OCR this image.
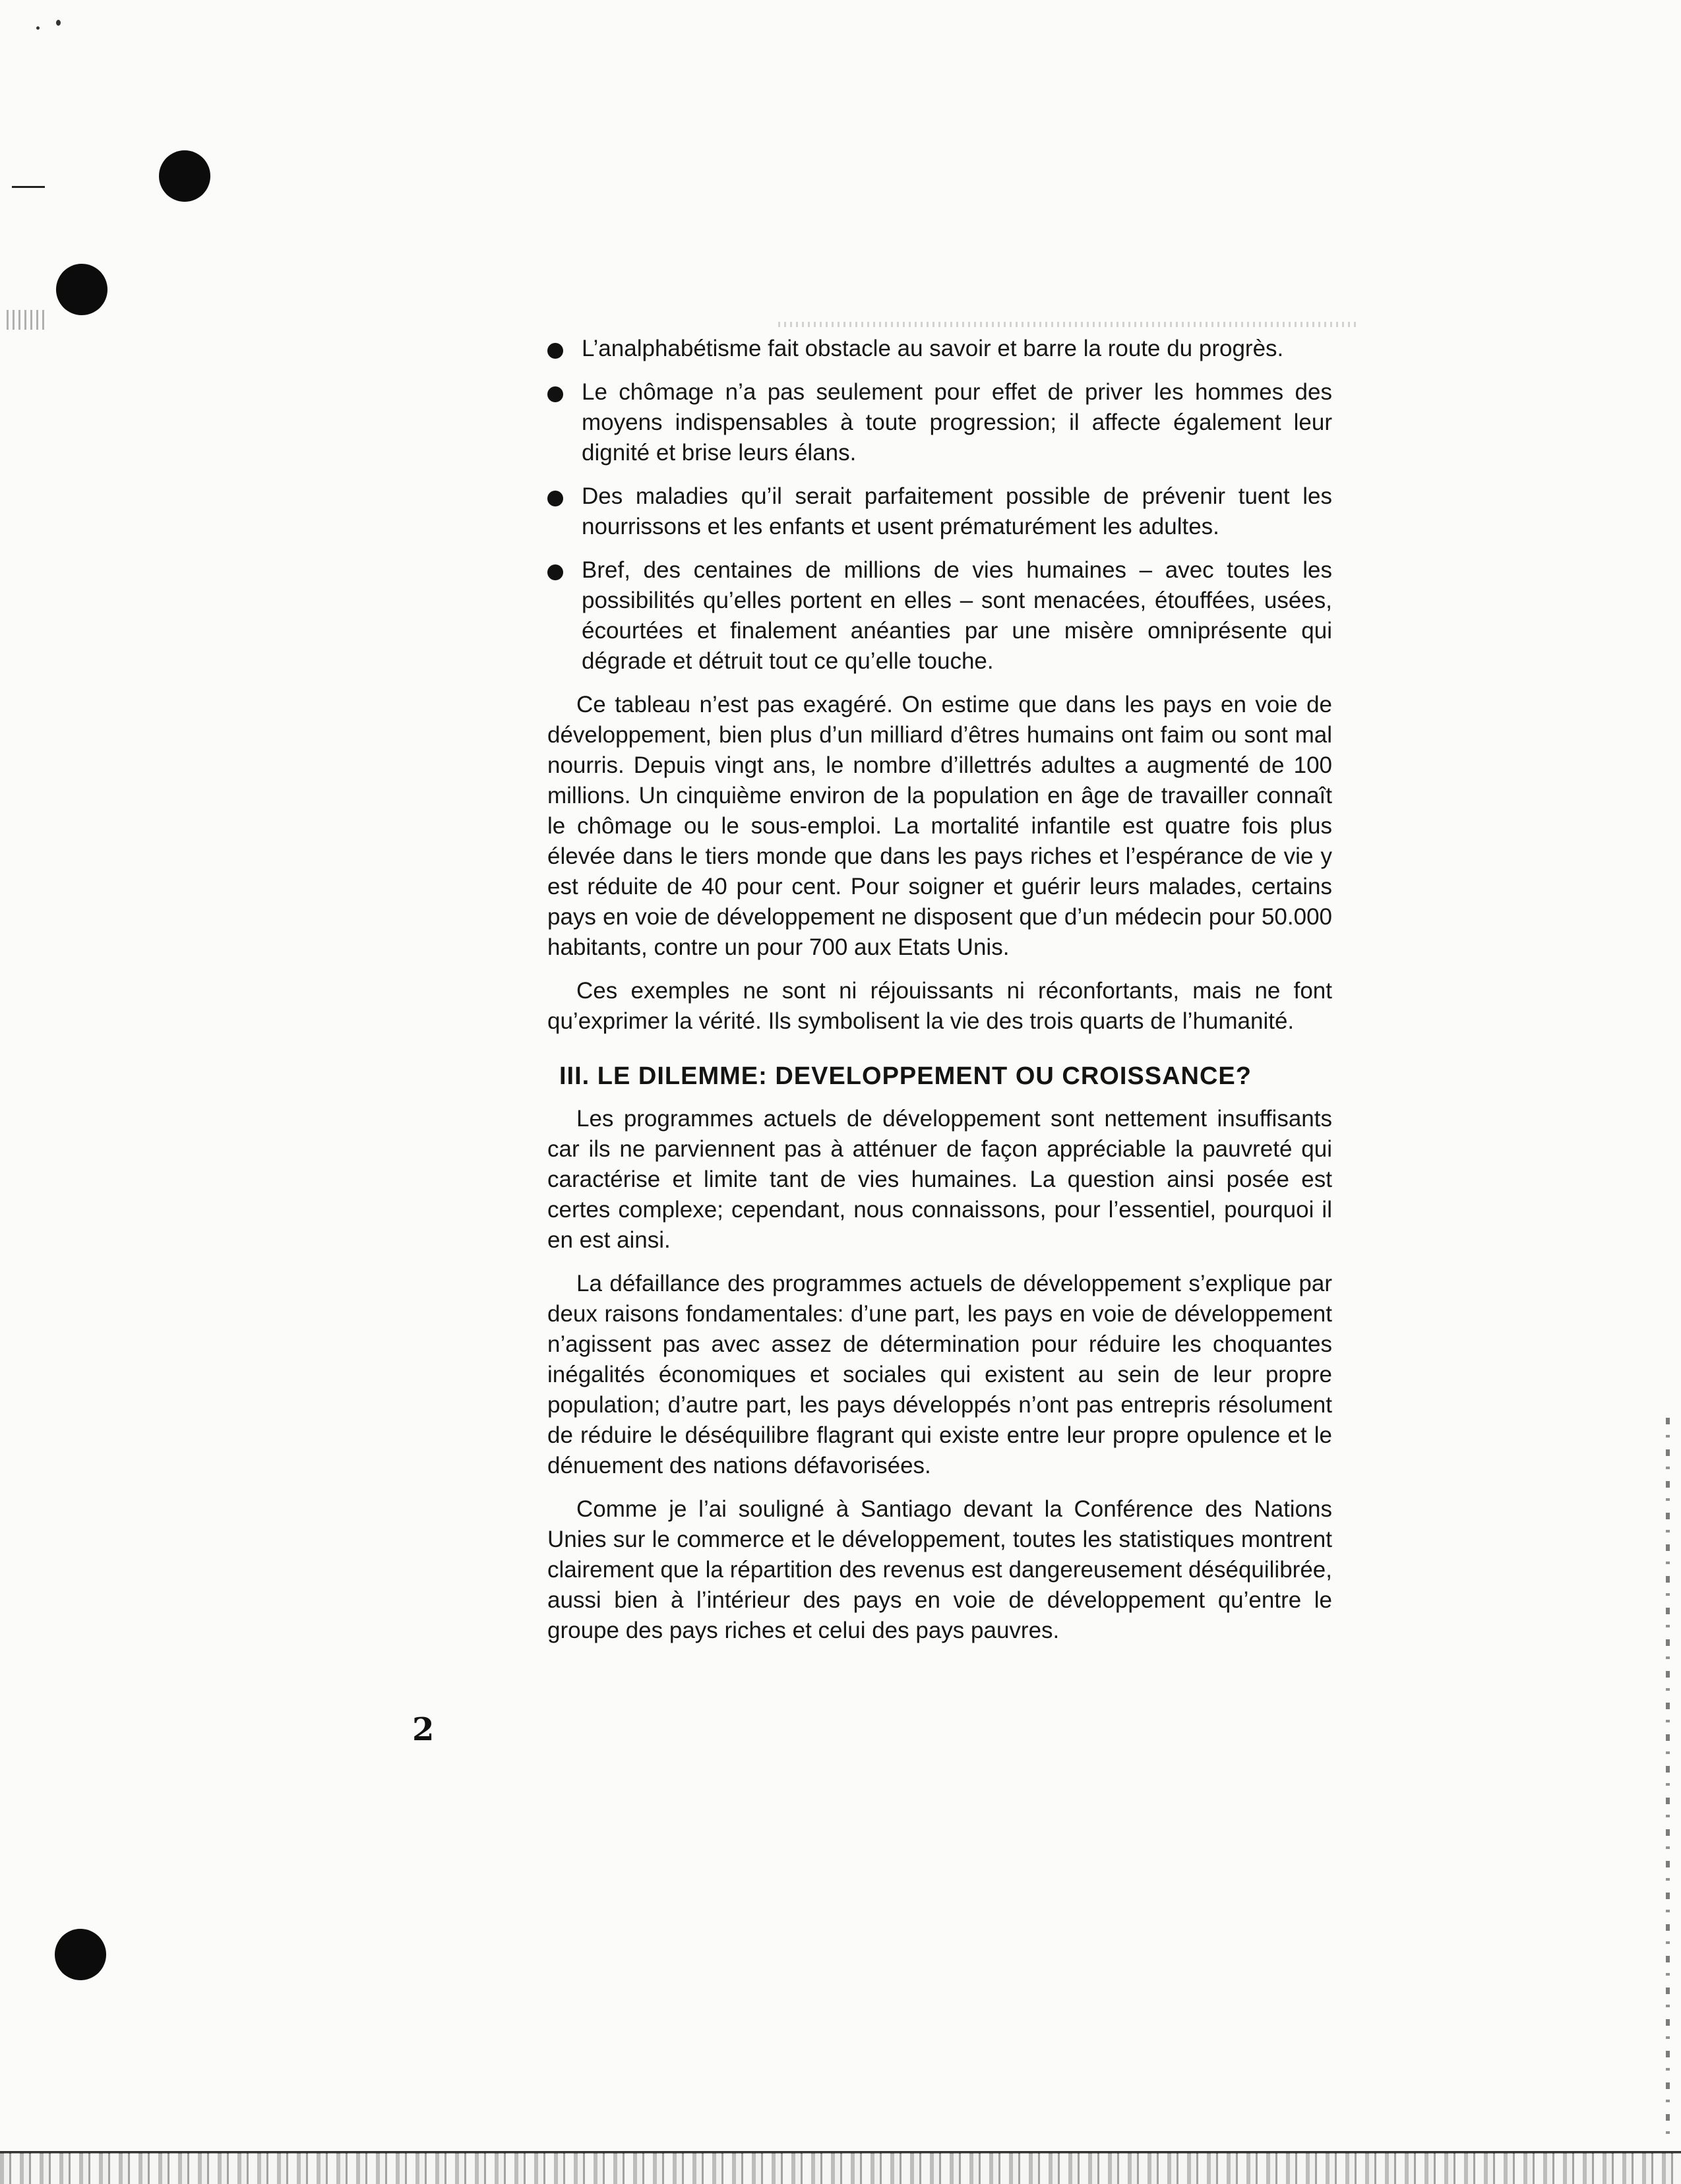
L’analphabétisme fait obstacle au savoir et barre la route du progrès.

Le chômage n’a pas seulement pour effet de priver les hommes des moyens indispensables à toute progression; il affecte également leur dignité et brise leurs élans.

Des maladies qu’il serait parfaitement possible de prévenir tuent les nourrissons et les enfants et usent prématurément les adultes.

Bref, des centaines de millions de vies humaines – avec toutes les possibilités qu’elles portent en elles – sont menacées, étouffées, usées, écourtées et finalement anéanties par une misère omniprésente qui dégrade et détruit tout ce qu’elle touche.

Ce tableau n’est pas exagéré. On estime que dans les pays en voie de développement, bien plus d’un milliard d’êtres humains ont faim ou sont mal nourris. Depuis vingt ans, le nombre d’illettrés adultes a augmenté de 100 millions. Un cinquième environ de la population en âge de travailler connaît le chômage ou le sous-emploi. La mortalité infantile est quatre fois plus élevée dans le tiers monde que dans les pays riches et l’espérance de vie y est réduite de 40 pour cent. Pour soigner et guérir leurs malades, certains pays en voie de développement ne disposent que d’un médecin pour 50.000 habitants, contre un pour 700 aux Etats Unis.

Ces exemples ne sont ni réjouissants ni réconfortants, mais ne font qu’exprimer la vérité. Ils symbolisent la vie des trois quarts de l’humanité.

III. LE DILEMME: DEVELOPPEMENT OU CROISSANCE?

Les programmes actuels de développement sont nettement insuffisants car ils ne parviennent pas à atténuer de façon appréciable la pauvreté qui caractérise et limite tant de vies humaines. La question ainsi posée est certes complexe; cependant, nous connaissons, pour l’essentiel, pourquoi il en est ainsi.

La défaillance des programmes actuels de développement s’explique par deux raisons fondamentales: d’une part, les pays en voie de développement n’agissent pas avec assez de détermination pour réduire les choquantes inégalités économiques et sociales qui existent au sein de leur propre population; d’autre part, les pays développés n’ont pas entrepris résolument de réduire le déséquilibre flagrant qui existe entre leur propre opulence et le dénuement des nations défavorisées.

Comme je l’ai souligné à Santiago devant la Conférence des Nations Unies sur le commerce et le développement, toutes les statistiques montrent clairement que la répartition des revenus est dangereusement déséquilibrée, aussi bien à l’intérieur des pays en voie de développement qu’entre le groupe des pays riches et celui des pays pauvres.

2
